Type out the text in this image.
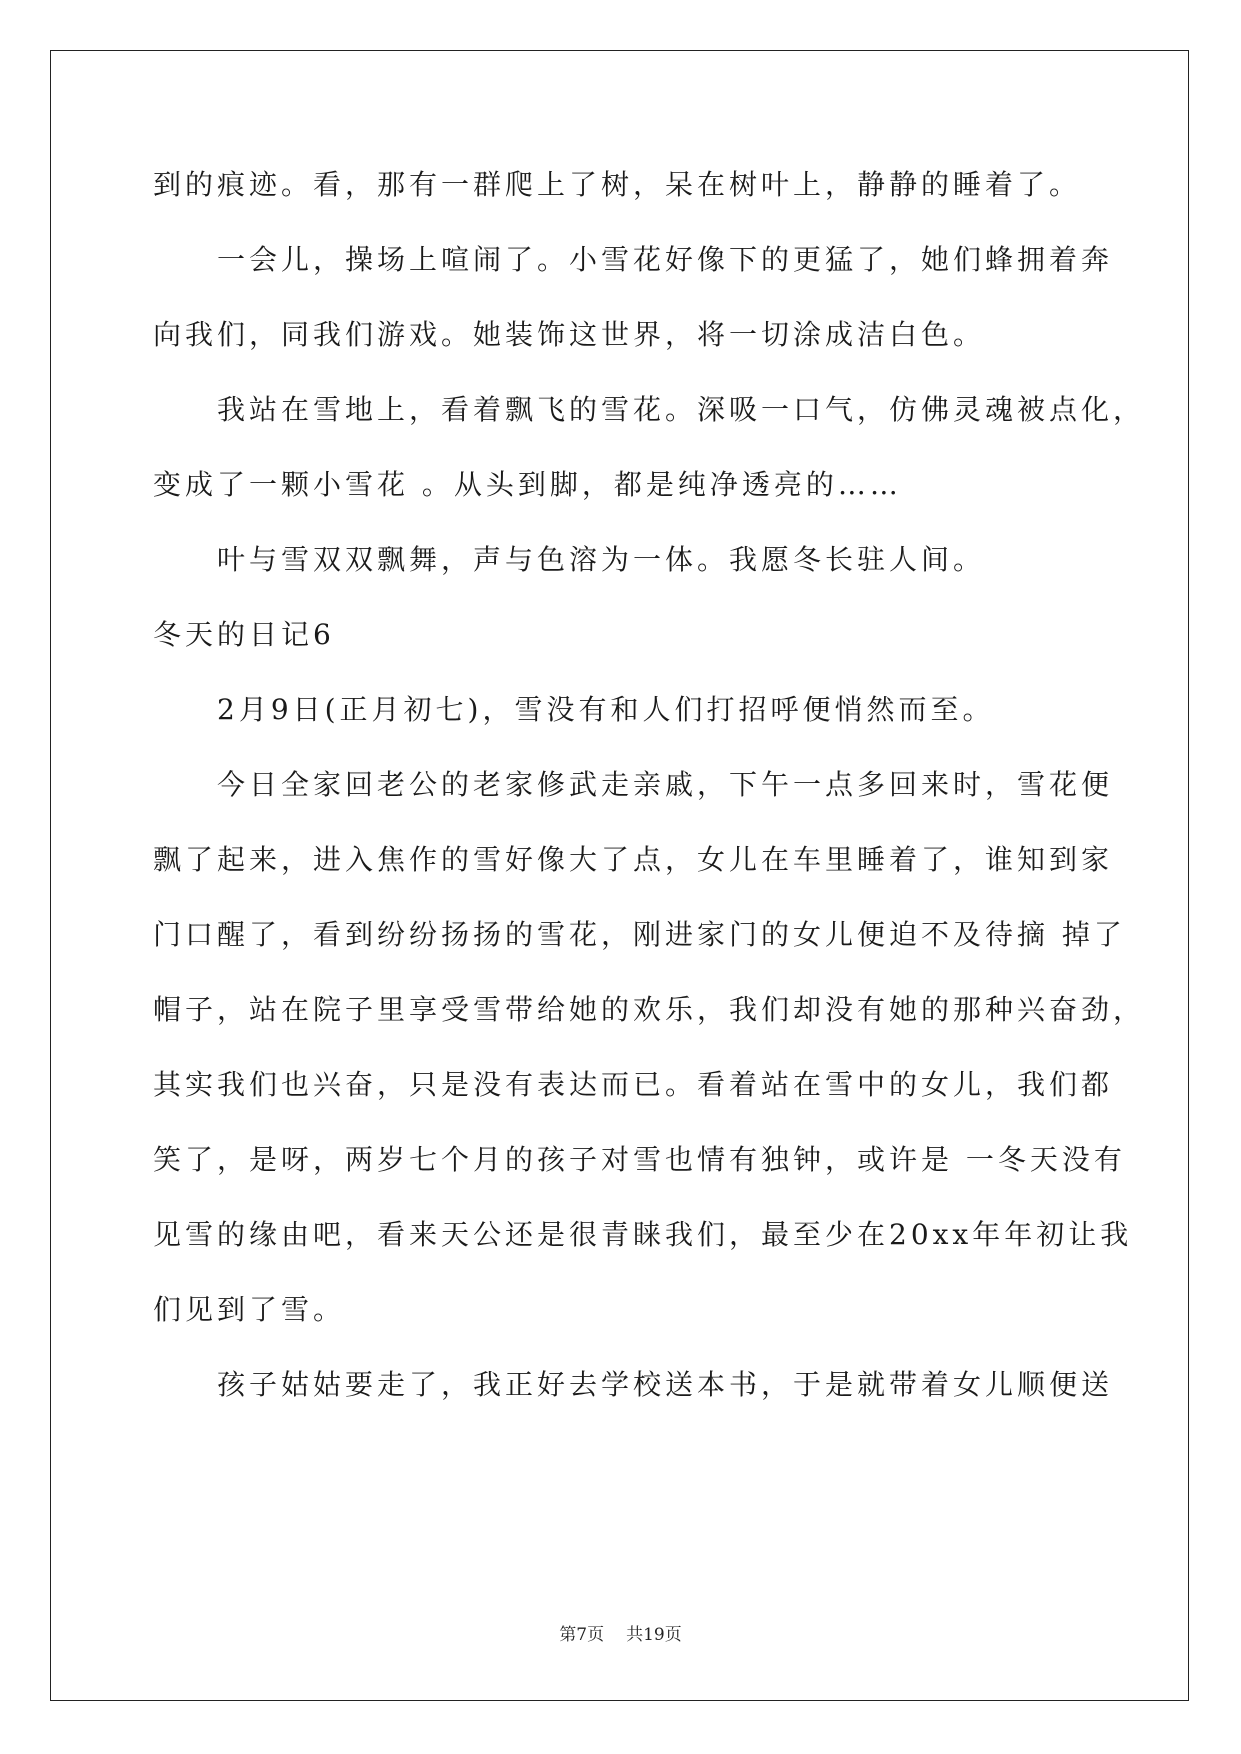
到的痕迹。看，那有一群爬上了树，呆在树叶上，静静的睡着了。
　　一会儿，操场上喧闹了。小雪花好像下的更猛了，她们蜂拥着奔
向我们，同我们游戏。她装饰这世界，将一切涂成洁白色。
　　我站在雪地上，看着飘飞的雪花。深吸一口气，仿佛灵魂被点化，
变成了一颗小雪花 。从头到脚，都是纯净透亮的……
　　叶与雪双双飘舞，声与色溶为一体。我愿冬长驻人间。
冬天的日记6
　　2月9日(正月初七)，雪没有和人们打招呼便悄然而至。
　　今日全家回老公的老家修武走亲戚，下午一点多回来时，雪花便
飘了起来，进入焦作的雪好像大了点，女儿在车里睡着了，谁知到家
门口醒了，看到纷纷扬扬的雪花，刚进家门的女儿便迫不及待摘 掉了
帽子，站在院子里享受雪带给她的欢乐，我们却没有她的那种兴奋劲，
其实我们也兴奋，只是没有表达而已。看着站在雪中的女儿，我们都
笑了，是呀，两岁七个月的孩子对雪也情有独钟，或许是 一冬天没有
见雪的缘由吧，看来天公还是很青睐我们，最至少在20xx年年初让我
们见到了雪。
　　孩子姑姑要走了，我正好去学校送本书，于是就带着女儿顺便送
第7页 共19页
